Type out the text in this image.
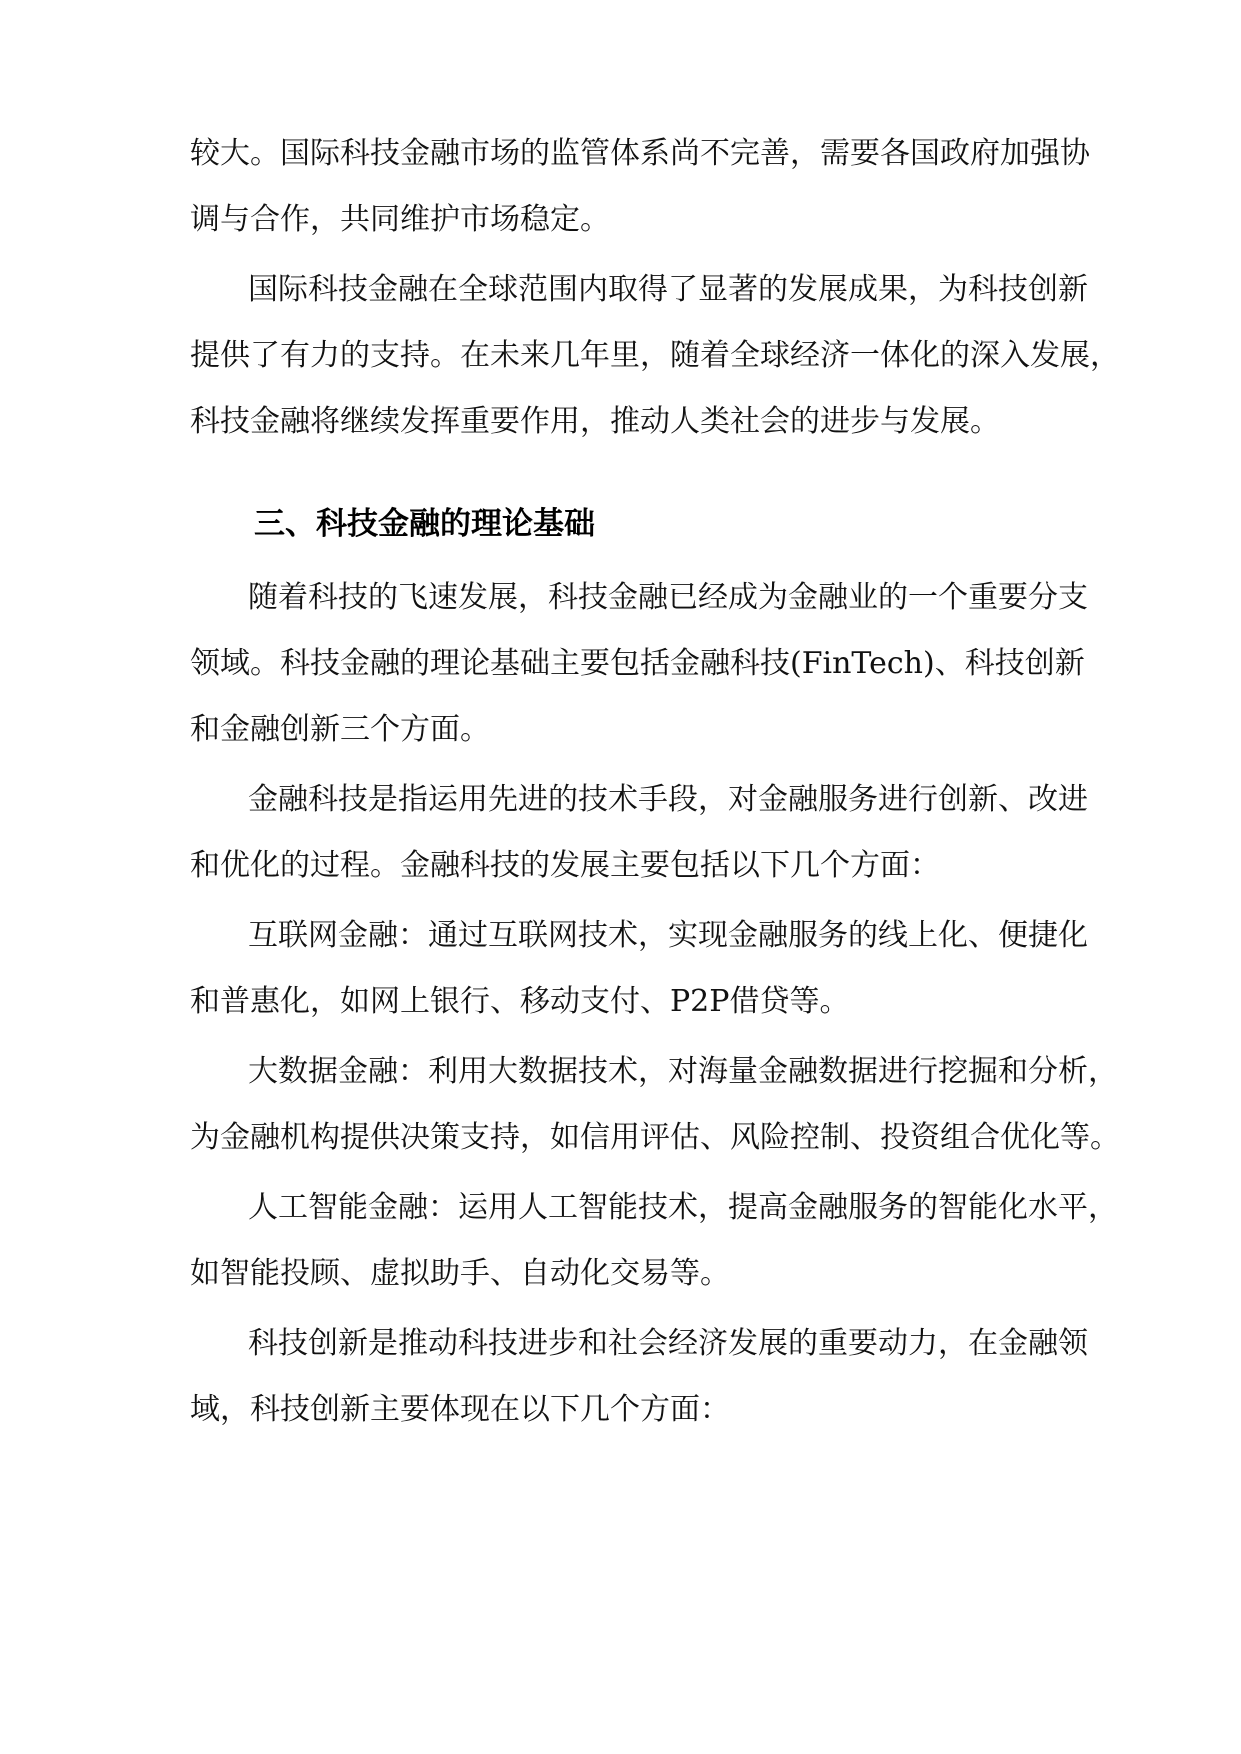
较大。国际科技金融市场的监管体系尚不完善，需要各国政府加强协
调与合作，共同维护市场稳定。
国际科技金融在全球范围内取得了显著的发展成果，为科技创新
提供了有力的支持。在未来几年里，随着全球经济一体化的深入发展，
科技金融将继续发挥重要作用，推动人类社会的进步与发展。
三、科技金融的理论基础
随着科技的飞速发展，科技金融已经成为金融业的一个重要分支
领域。科技金融的理论基础主要包括金融科技(FinTech)、科技创新
和金融创新三个方面。
金融科技是指运用先进的技术手段，对金融服务进行创新、改进
和优化的过程。金融科技的发展主要包括以下几个方面：
互联网金融：通过互联网技术，实现金融服务的线上化、便捷化
和普惠化，如网上银行、移动支付、P2P借贷等。
大数据金融：利用大数据技术，对海量金融数据进行挖掘和分析，
为金融机构提供决策支持，如信用评估、风险控制、投资组合优化等。
人工智能金融：运用人工智能技术，提高金融服务的智能化水平，
如智能投顾、虚拟助手、自动化交易等。
科技创新是推动科技进步和社会经济发展的重要动力，在金融领
域，科技创新主要体现在以下几个方面：
